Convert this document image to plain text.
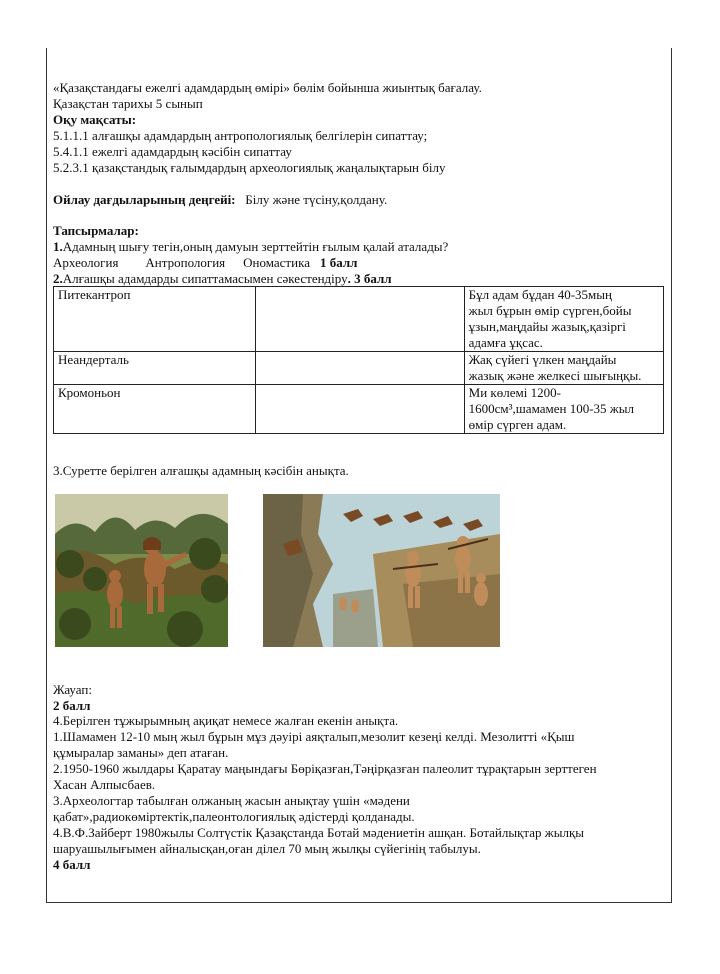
«Қазақстандағы ежелгі адамдардың өмірі» бөлім бойынша жиынтық бағалау.
Қазақстан тарихы 5 сынып
Оқу мақсаты:
5.1.1.1 алғашқы адамдардың антропологиялық белгілерін сипаттау;
5.4.1.1 ежелгі адамдардың кәсібін сипаттау
5.2.3.1 қазақстандық ғалымдардың археологиялық жаңалықтарын білу
Ойлау дағдыларының деңгейі: Білу және түсіну,қолдану.
Тапсырмалар:
1.Адамның шығу тегін,оның дамуын зерттейтін ғылым қалай аталады?
Археология Антропология Ономастика 1 балл
2.Алғашқы адамдарды сипаттамасымен сәкестендіру. 3 балл
Питекантроп		Бұл адам бұдан 40-35мың
жыл бұрын өмір сүрген,бойы
ұзын,маңдайы жазық,қазіргі
адамға ұқсас.

Неандерталь		Жақ сүйегі үлкен маңдайы
жазық және желкесі шығыңқы.

Кромоньон		Ми көлемі 1200-
1600см³,шамамен 100-35 жыл
өмір сүрген адам.
3.Суретте берілген алғашқы адамның кәсібін анықта.
Жауап:
2 балл
4.Берілген тұжырымның ақиқат немесе жалған екенін анықта.
1.Шамамен 12-10 мың жыл бұрын мұз дәуірі аяқталып,мезолит кезеңі келді. Мезолитті «Қыш
құмыралар заманы» деп атаған.
2.1950-1960 жылдары Қаратау маңындағы Бөріқазған,Тәңірқазған палеолит тұрақтарын зерттеген
Хасан Алпысбаев.
3.Археологтар табылған олжаның жасын анықтау үшін «мәдени
қабат»,радиокөміртектік,палеонтологиялық әдістерді қолданады.
4.В.Ф.Зайберт 1980жылы Солтүстік Қазақстанда Ботай мәдениетін ашқан. Ботайлықтар жылқы
шаруашылығымен айналысқан,оған ділел 70 мың жылқы сүйегінің табылуы.
4 балл
